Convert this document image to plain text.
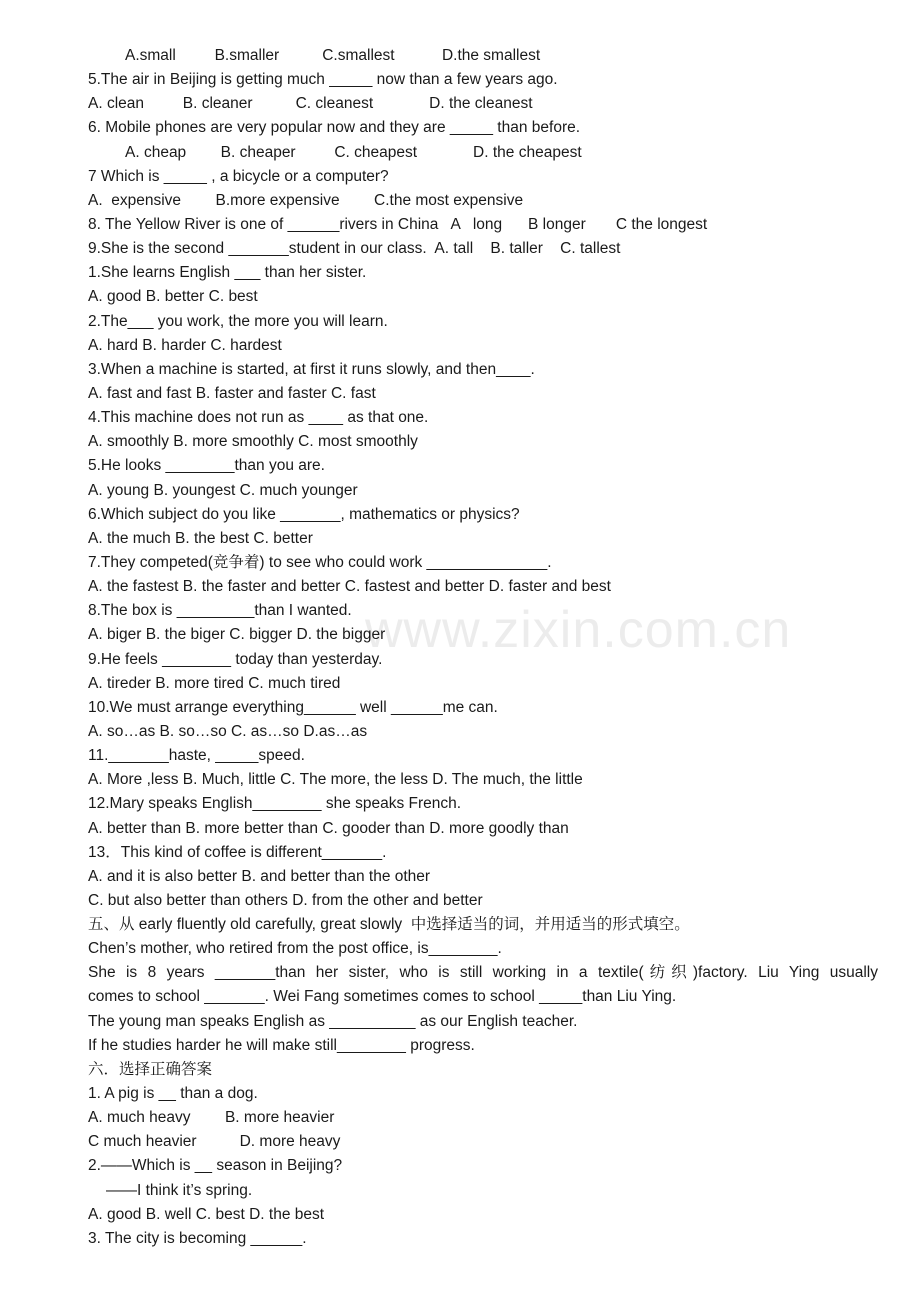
www.zixin.com.cn
A.small         B.smaller          C.smallest           D.the smallest
5.The air in Beijing is getting much _____ now than a few years ago.
A. clean         B. cleaner          C. cleanest             D. the cleanest
6. Mobile phones are very popular now and they are _____ than before.
A. cheap        B. cheaper         C. cheapest             D. the cheapest
7 Which is _____ , a bicycle or a computer?
A.  expensive        B.more expensive        C.the most expensive
8. The Yellow River is one of ______rivers in China   A   long      B longer       C the longest
9.She is the second _______student in our class.  A. tall    B. taller    C. tallest
1.She learns English ___ than her sister.
A. good B. better C. best
2.The___ you work, the more you will learn.
A. hard B. harder C. hardest
3.When a machine is started, at first it runs slowly, and then____.
A. fast and fast B. faster and faster C. fast
4.This machine does not run as ____ as that one.
A. smoothly B. more smoothly C. most smoothly
5.He looks ________than you are.
A. young B. youngest C. much younger
6.Which subject do you like _______, mathematics or physics?
A. the much B. the best C. better
7.They competed(竞争着) to see who could work ______________.
A. the fastest B. the faster and better C. fastest and better D. faster and best
8.The box is _________than I wanted.
A. biger B. the biger C. bigger D. the bigger
9.He feels ________ today than yesterday.
A. tireder B. more tired C. much tired
10.We must arrange everything______ well ______me can.
A. so…as B. so…so C. as…so D.as…as
11._______haste, _____speed.
A. More ,less B. Much, little C. The more, the less D. The much, the little
12.Mary speaks English________ she speaks French.
A. better than B. more better than C. gooder than D. more goodly than
13．This kind of coffee is different_______.
A. and it is also better B. and better than the other
C. but also better than others D. from the other and better
五、从 early fluently old carefully, great slowly  中选择适当的词，并用适当的形式填空。
Chen’s mother, who retired from the post office, is________.
She is 8 years _______than her sister, who is still working in a textile(纺织)factory. Liu Ying usually
comes to school _______. Wei Fang sometimes comes to school _____than Liu Ying.
The young man speaks English as __________ as our English teacher.
If he studies harder he will make still________ progress.
六．选择正确答案
1. A pig is __ than a dog.
A. much heavy        B. more heavier
C much heavier          D. more heavy
2.――Which is __ season in Beijing?
――I think it’s spring.
A. good B. well C. best D. the best
3. The city is becoming ______.
